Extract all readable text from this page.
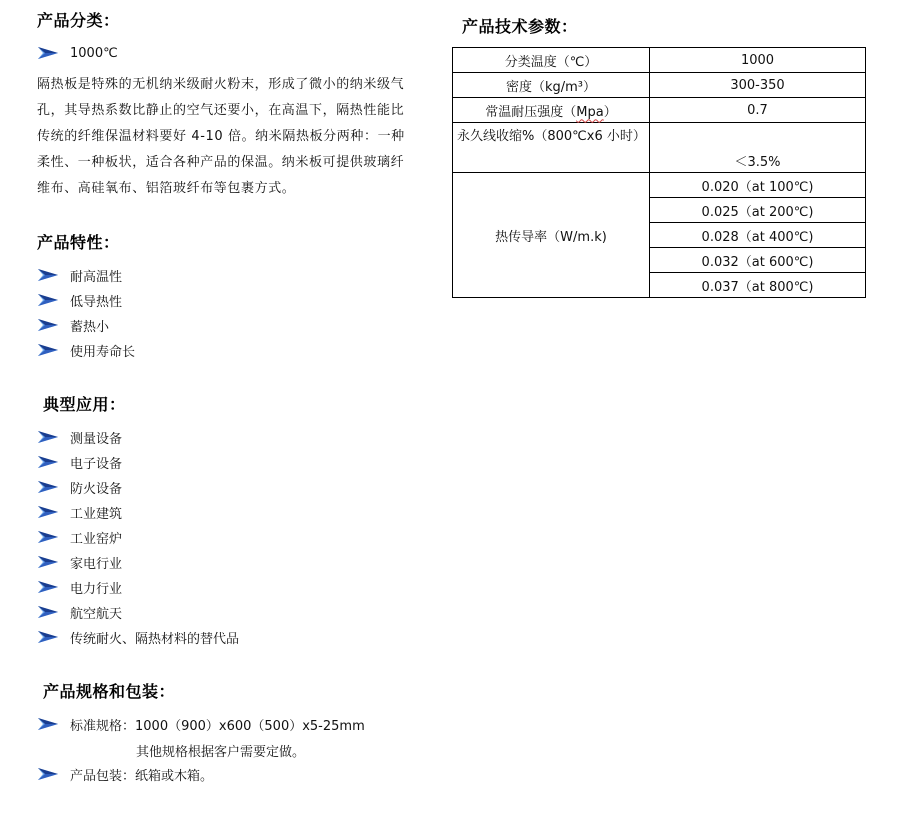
产品分类：
1000℃

隔热板是特殊的无机纳米级耐火粉末，形成了微小的纳米级气孔，其导热系数比静止的空气还要小，在高温下，隔热性能比传统的纤维保温材料要好 4-10 倍。纳米隔热板分两种：一种柔性、一种板状，适合各种产品的保温。纳米板可提供玻璃纤维布、高硅氧布、铝箔玻纤布等包裹方式。

产品特性：
耐高温性
低导热性
蓄热小
使用寿命长
典型应用：
测量设备
电子设备
防火设备
工业建筑
工业窑炉
家电行业
电力行业
航空航天
传统耐火、隔热材料的替代品
产品规格和包装：
标准规格：1000（900）x600（500）x5-25mm
其他规格根据客户需要定做。
产品包装：纸箱或木箱。
产品技术参数：
分类温度（℃）	1000
密度（kg/m³）	300-350
常温耐压强度（Mpa）	0.7
永久线收缩%（800℃x6 小时）	＜3.5%
热传导率（W/m.k)	0.020（at 100℃)
	0.025（at 200℃)
	0.028（at 400℃)
	0.032（at 600℃)
	0.037（at 800℃)
